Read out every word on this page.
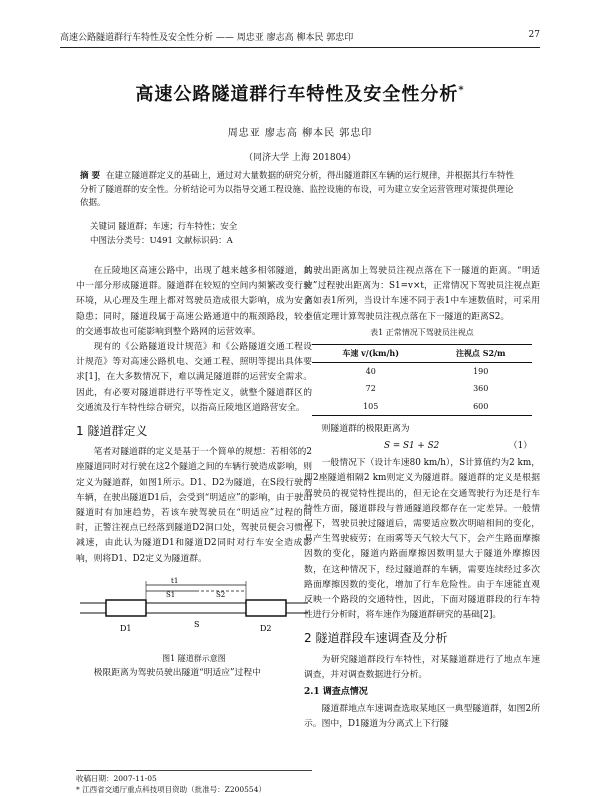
高速公路隧道群行车特性及安全性分析 —— 周忠亚 廖志高 柳本民 郭忠印	27
高速公路隧道群行车特性及安全性分析*
周忠亚 廖志高 柳本民 郭忠印
（同济大学 上海 201804）
摘 要 在建立隧道群定义的基础上，通过对大量数据的研究分析，得出隧道群区车辆的运行规律，并根据其行车特性分析了隧道群的安全性。分析结论可为以指导交通工程设施、监控设施的布设，可为建立安全运营管理对策提供理论依据。
关键词 隧道群；车速；行车特性；安全
中图法分类号：U491 文献标识码：A

在丘陵地区高速公路中，出现了越来越多相邻隧道，其中一部分形成隧道群。隧道群在较短的空间内频繁改变行驶环境，从心理及生理上都对驾驶员造成很大影响，成为安全隐患；同时，隧道段属于高速公路通道中的瓶颈路段，较小的交通事故也可能影响到整个路网的运营效率。

现有的《公路隧道设计规范》和《公路隧道交通工程设计规范》等对高速公路机电、交通工程、照明等提出具体要求[1]，在大多数情况下，难以满足隧道群的运营安全需求。因此，有必要对隧道群进行平等性定义，就整个隧道群区的交通流及行车特性综合研究，以指高丘陵地区道路营安全。

1 隧道群定义

笔者对隧道群的定义是基于一个简单的规想：若相邻的2座隧道同时对行驶在这2个隧道之间的车辆行驶造成影响，则定义为隧道群，如图1所示。D1、D2为隧道，在S段行驶的车辆，在驶出隧道D1后，会受到“明适应”的影响，由于驶出隧道时有加速趋势，若该车驶驾驶员在“明适应”过程的同时，正警注视点已经落到隧道D2洞口处，驾驶员便会习惯性减速，由此认为隧道D1和隧道D2同时对行车安全造成影响，则将D1、D2定义为隧道群。

t1
S
S1	S2
D1	D2
图1 隧道群示意图

极限距离为驾驶员驶出隧道“明适应”过程中

的驶出距离加上驾驶员注视点落在下一隧道的距离。“明适应”过程驶出距离为：S1=v×t，正常情况下驾驶员注视点距离如表1所列，当设计车速不同于表1中车速数值时，可采用差值定理计算驾驶员注视点落在下一隧道的距离S2。

表1 正常情况下驾驶员注视点
车速 v/(km/h)	注视点 S2/m
40	190
72	360
105	600

则隧道群的极限距离为

S = S1 + S2	（1）

一般情况下（设计车速80 km/h），S计算值约为2 km，即2座隧道相隔2 km则定义为隧道群。隧道群的定义是根据驾驶员的视觉特性提出的，但无论在交通驾驶行为还是行车特性方面，隧道群段与普通隧道段都存在一定差异。一般情况下，驾驶员驶过隧道后，需要适应数次明暗相间的变化，易产生驾驶疲劳；在雨雾等天气较大气下，会产生路面摩擦因数的变化，隧道内路面摩擦因数明显大于隧道外摩擦因数，在这种情况下，经过隧道群的车辆，需要连续经过多次路面摩擦因数的变化，增加了行车危险性。由于车速能直观反映一个路段的交通特性，因此，下面对隧道群段的行车特性进行分析时，将车速作为隧道群研究的基础[2]。

2 隧道群段车速调查及分析

为研究隧道群段行车特性，对某隧道群进行了地点车速调查，并对调查数据进行分析。

2.1 调查点情况

隧道群地点车速调查选取某地区一典型隧道群，如图2所示。图中，D1隧道为分离式上下行隧

收稿日期：2007-11-05
* 江西省交通厅重点科技项目资助（批准号：Z200554）
